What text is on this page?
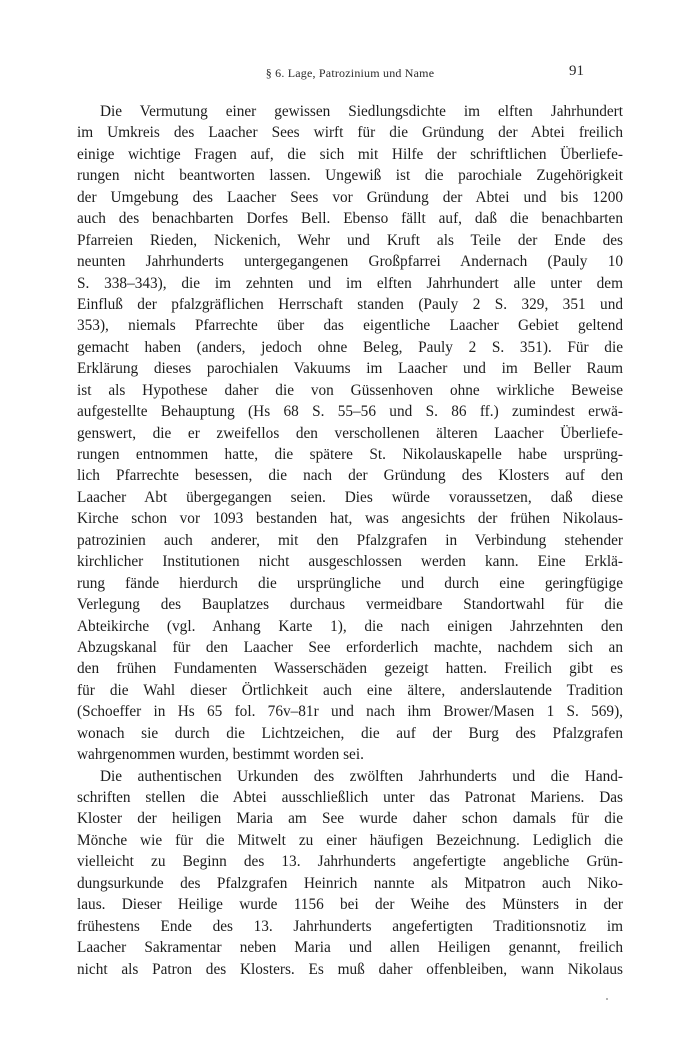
§ 6. Lage, Patrozinium und Name	91
Die Vermutung einer gewissen Siedlungsdichte im elften Jahrhundert
im Umkreis des Laacher Sees wirft für die Gründung der Abtei freilich
einige wichtige Fragen auf, die sich mit Hilfe der schriftlichen Überliefe-
rungen nicht beantworten lassen. Ungewiß ist die parochiale Zugehörigkeit
der Umgebung des Laacher Sees vor Gründung der Abtei und bis 1200
auch des benachbarten Dorfes Bell. Ebenso fällt auf, daß die benachbarten
Pfarreien Rieden, Nickenich, Wehr und Kruft als Teile der Ende des
neunten Jahrhunderts untergegangenen Großpfarrei Andernach (Pauly 10
S. 338–343), die im zehnten und im elften Jahrhundert alle unter dem
Einfluß der pfalzgräflichen Herrschaft standen (Pauly 2 S. 329, 351 und
353), niemals Pfarrechte über das eigentliche Laacher Gebiet geltend
gemacht haben (anders, jedoch ohne Beleg, Pauly 2 S. 351). Für die
Erklärung dieses parochialen Vakuums im Laacher und im Beller Raum
ist als Hypothese daher die von Güssenhoven ohne wirkliche Beweise
aufgestellte Behauptung (Hs 68 S. 55–56 und S. 86 ff.) zumindest erwä-
genswert, die er zweifellos den verschollenen älteren Laacher Überliefe-
rungen entnommen hatte, die spätere St. Nikolauskapelle habe ursprüng-
lich Pfarrechte besessen, die nach der Gründung des Klosters auf den
Laacher Abt übergegangen seien. Dies würde voraussetzen, daß diese
Kirche schon vor 1093 bestanden hat, was angesichts der frühen Nikolaus-
patrozinien auch anderer, mit den Pfalzgrafen in Verbindung stehender
kirchlicher Institutionen nicht ausgeschlossen werden kann. Eine Erklä-
rung fände hierdurch die ursprüngliche und durch eine geringfügige
Verlegung des Bauplatzes durchaus vermeidbare Standortwahl für die
Abteikirche (vgl. Anhang Karte 1), die nach einigen Jahrzehnten den
Abzugskanal für den Laacher See erforderlich machte, nachdem sich an
den frühen Fundamenten Wasserschäden gezeigt hatten. Freilich gibt es
für die Wahl dieser Örtlichkeit auch eine ältere, anderslautende Tradition
(Schoeffer in Hs 65 fol. 76v–81r und nach ihm Brower/Masen 1 S. 569),
wonach sie durch die Lichtzeichen, die auf der Burg des Pfalzgrafen
wahrgenommen wurden, bestimmt worden sei.
Die authentischen Urkunden des zwölften Jahrhunderts und die Hand-
schriften stellen die Abtei ausschließlich unter das Patronat Mariens. Das
Kloster der heiligen Maria am See wurde daher schon damals für die
Mönche wie für die Mitwelt zu einer häufigen Bezeichnung. Lediglich die
vielleicht zu Beginn des 13. Jahrhunderts angefertigte angebliche Grün-
dungsurkunde des Pfalzgrafen Heinrich nannte als Mitpatron auch Niko-
laus. Dieser Heilige wurde 1156 bei der Weihe des Münsters in der
frühestens Ende des 13. Jahrhunderts angefertigten Traditionsnotiz im
Laacher Sakramentar neben Maria und allen Heiligen genannt, freilich
nicht als Patron des Klosters. Es muß daher offenbleiben, wann Nikolaus
